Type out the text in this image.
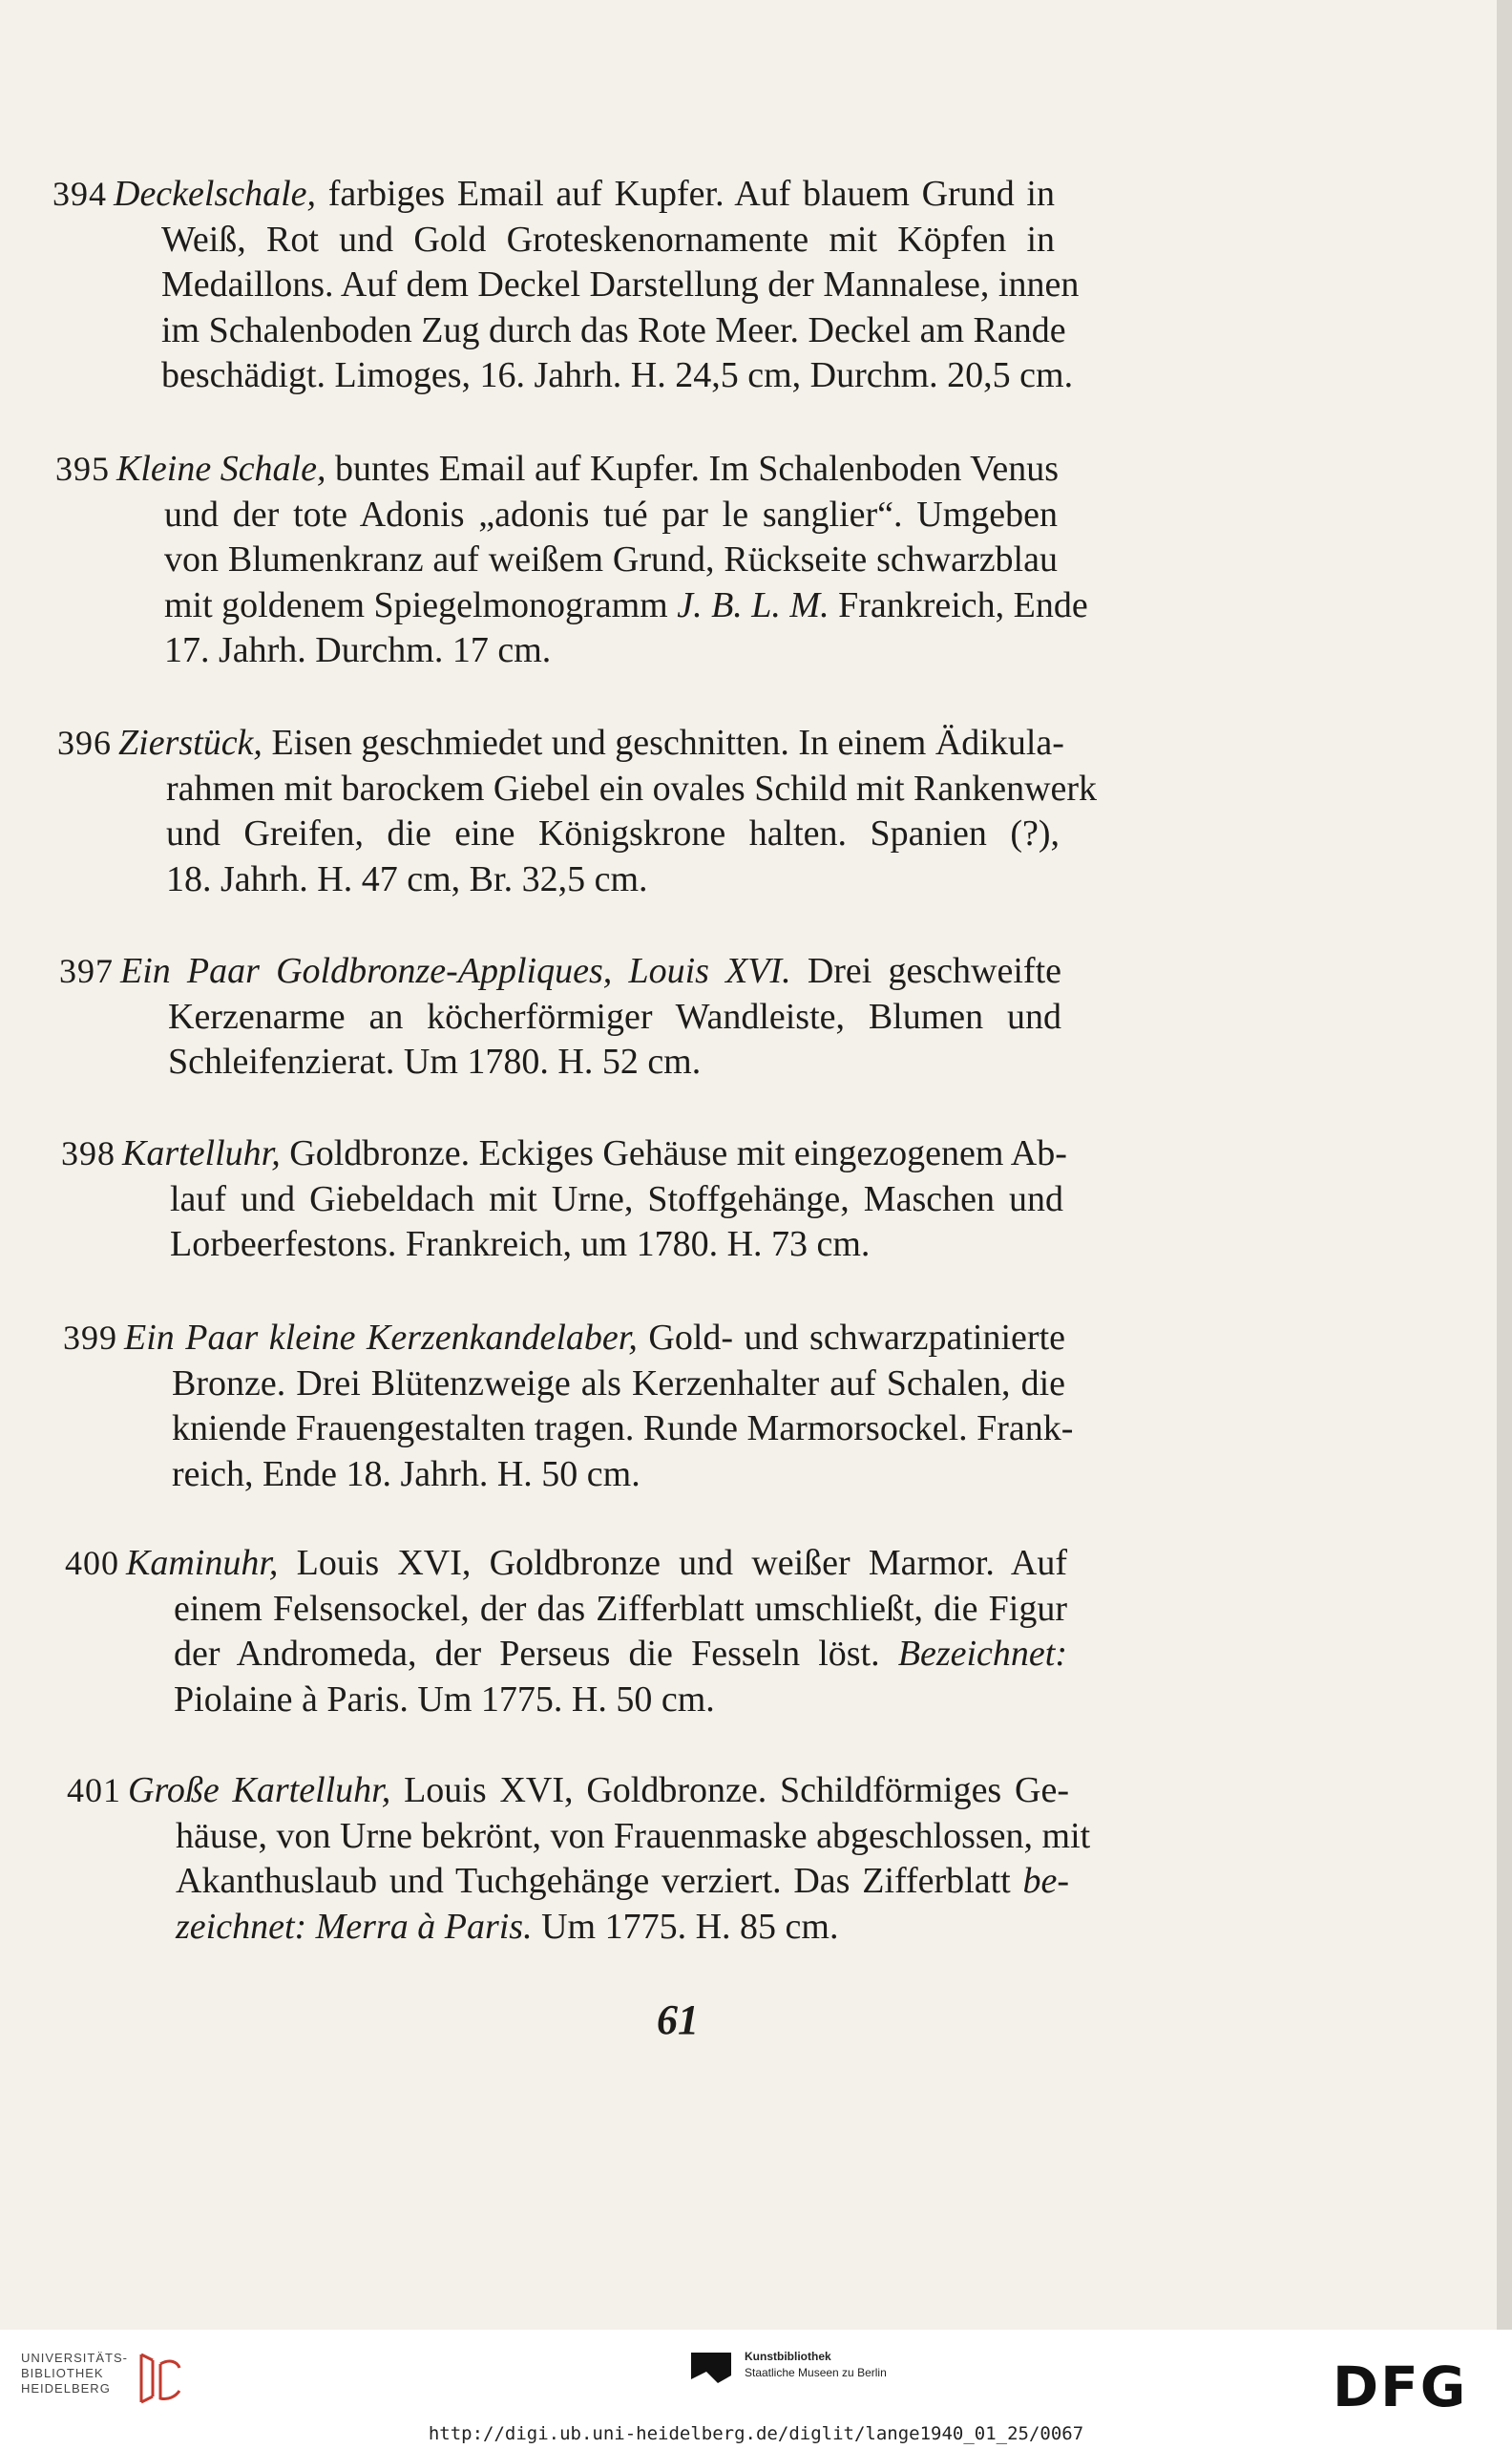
394 Deckelschale, farbiges Email auf Kupfer. Auf blauem Grund in
Weiß, Rot und Gold Groteskenornamente mit Köpfen in
Medaillons. Auf dem Deckel Darstellung der Mannalese, innen
im Schalenboden Zug durch das Rote Meer. Deckel am Rande
beschädigt. Limoges, 16. Jahrh. H. 24,5 cm, Durchm. 20,5 cm.
395 Kleine Schale, buntes Email auf Kupfer. Im Schalenboden Venus
und der tote Adonis „adonis tué par le sanglier“. Umgeben
von Blumenkranz auf weißem Grund, Rückseite schwarzblau
mit goldenem Spiegelmonogramm J. B. L. M. Frankreich, Ende
17. Jahrh. Durchm. 17 cm.
396 Zierstück, Eisen geschmiedet und geschnitten. In einem Ädikula-
rahmen mit barockem Giebel ein ovales Schild mit Rankenwerk
und Greifen, die eine Königskrone halten. Spanien (?),
18. Jahrh. H. 47 cm, Br. 32,5 cm.
397 Ein Paar Goldbronze-Appliques, Louis XVI. Drei geschweifte
Kerzenarme an köcherförmiger Wandleiste, Blumen und
Schleifenzierat. Um 1780. H. 52 cm.
398 Kartelluhr, Goldbronze. Eckiges Gehäuse mit eingezogenem Ab-
lauf und Giebeldach mit Urne, Stoffgehänge, Maschen und
Lorbeerfestons. Frankreich, um 1780. H. 73 cm.
399 Ein Paar kleine Kerzenkandelaber, Gold- und schwarzpatinierte
Bronze. Drei Blütenzweige als Kerzenhalter auf Schalen, die
kniende Frauengestalten tragen. Runde Marmorsockel. Frank-
reich, Ende 18. Jahrh. H. 50 cm.
400 Kaminuhr, Louis XVI, Goldbronze und weißer Marmor. Auf
einem Felsensockel, der das Zifferblatt umschließt, die Figur
der Andromeda, der Perseus die Fesseln löst. Bezeichnet:
Piolaine à Paris. Um 1775. H. 50 cm.
401 Große Kartelluhr, Louis XVI, Goldbronze. Schildförmiges Ge-
häuse, von Urne bekrönt, von Frauenmaske abgeschlossen, mit
Akanthuslaub und Tuchgehänge verziert. Das Zifferblatt be-
zeichnet: Merra à Paris. Um 1775. H. 85 cm.
61
UNIVERSITÄTS-
BIBLIOTHEK
HEIDELBERG
Kunstbibliothek
Staatliche Museen zu Berlin	DFG
http://digi.ub.uni-heidelberg.de/diglit/lange1940_01_25/0067
